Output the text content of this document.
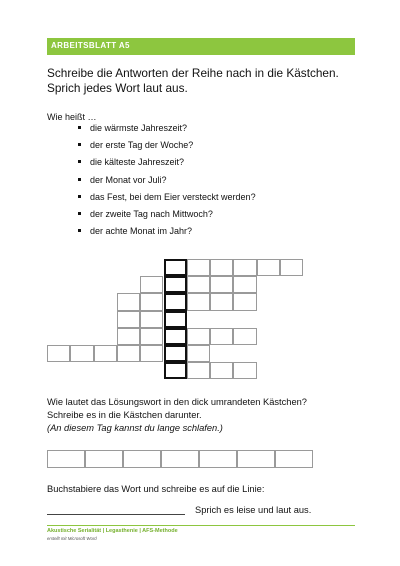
ARBEITSBLATT A5
Schreibe die Antworten der Reihe nach in die Kästchen.
Sprich jedes Wort laut aus.
Wie heißt …
die wärmste Jahreszeit?
der erste Tag der Woche?
die kälteste Jahreszeit?
der Monat vor Juli?
das Fest, bei dem Eier versteckt werden?
der zweite Tag nach Mittwoch?
der achte Monat im Jahr?
Wie lautet das Lösungswort in den dick umrandeten Kästchen?
Schreibe es in die Kästchen darunter.
(An diesem Tag kannst du lange schlafen.)
Buchstabiere das Wort und schreibe es auf die Linie:
Sprich es leise und laut aus.
Akustische Serialität | Legasthenie | AFS-Methode
erstellt mit Microsoft Word
